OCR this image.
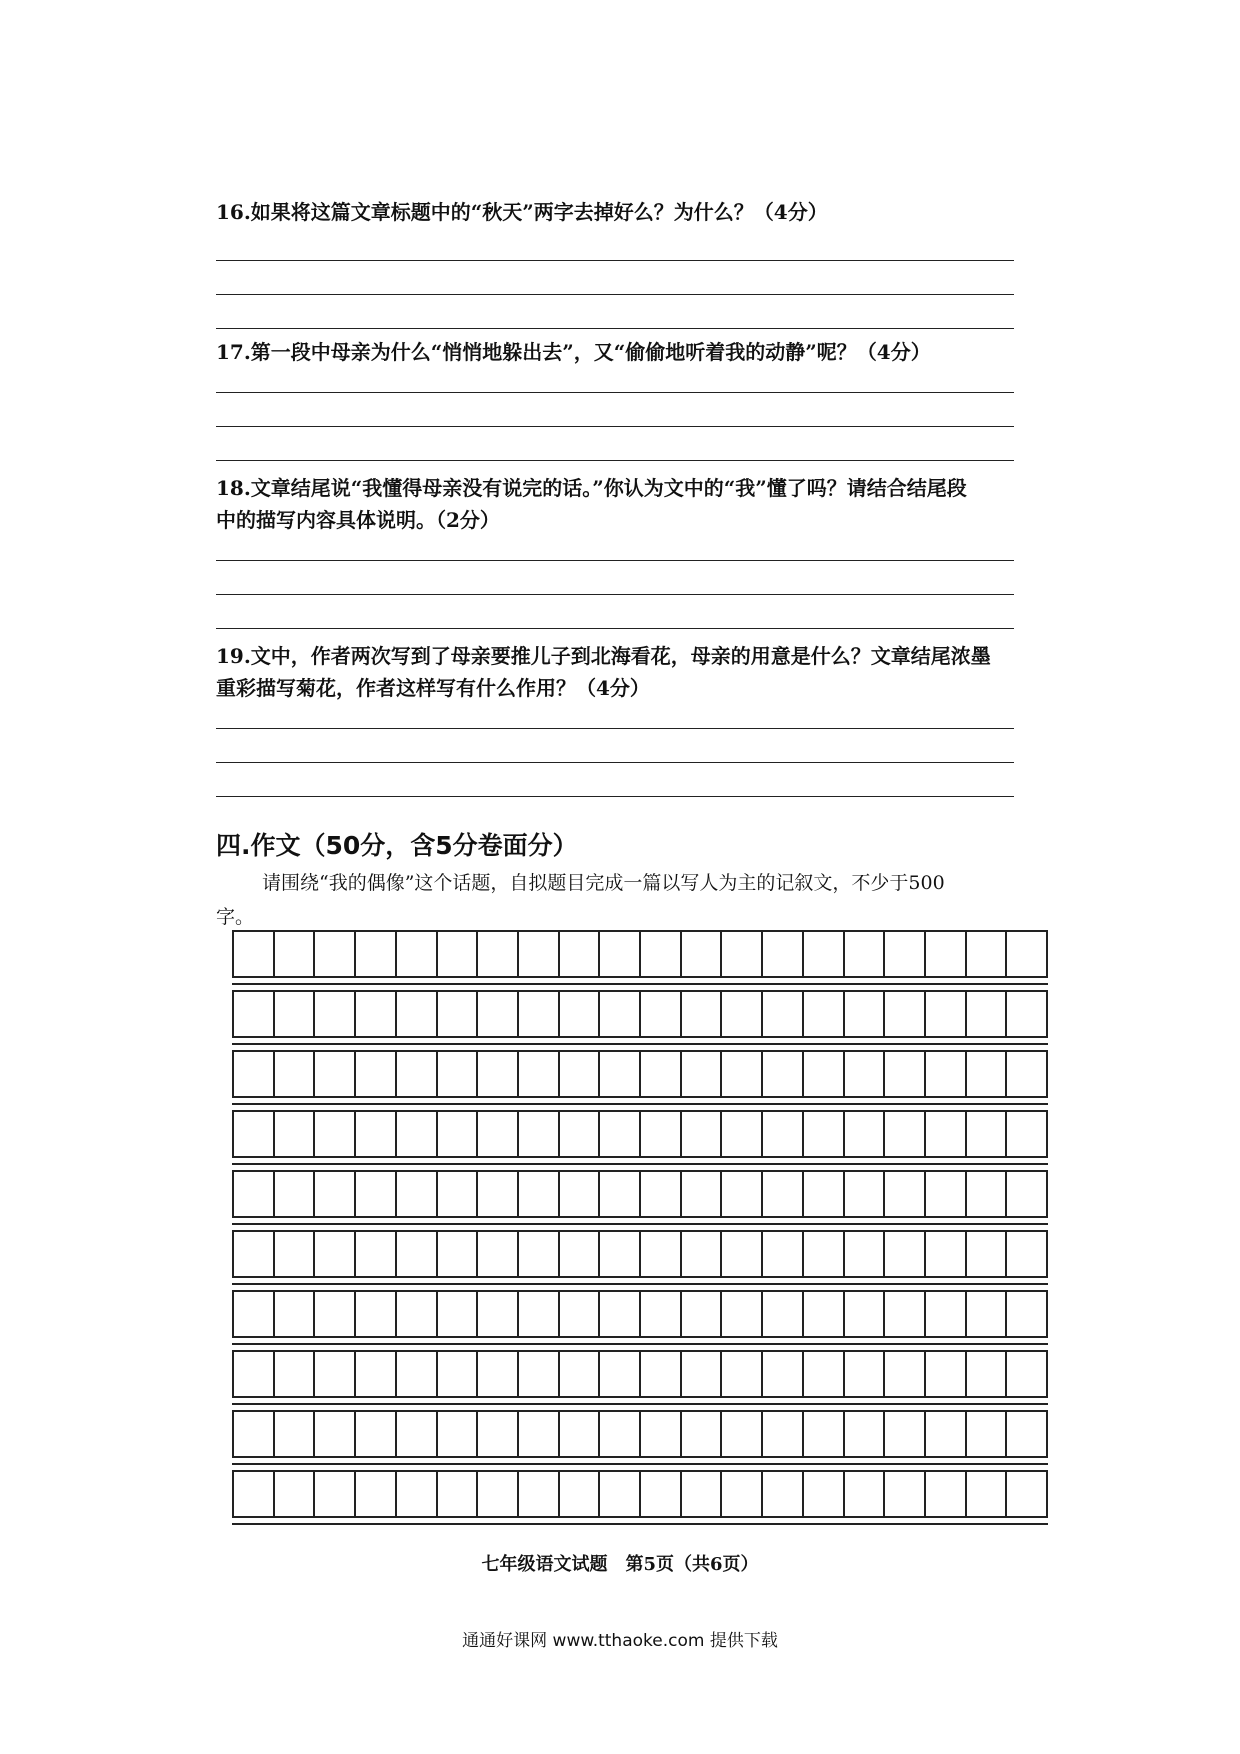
16.如果将这篇文章标题中的“秋天”两字去掉好么？为什么？（4分）

17.第一段中母亲为什么“悄悄地躲出去”，又“偷偷地听着我的动静”呢？（4分）

18.文章结尾说“我懂得母亲没有说完的话。”你认为文中的“我”懂了吗？请结合结尾段

中的描写内容具体说明。（2分）

19.文中，作者两次写到了母亲要推儿子到北海看花，母亲的用意是什么？文章结尾浓墨

重彩描写菊花，作者这样写有什么作用？（4分）

四.作文（50分，含5分卷面分）
请围绕“我的偶像”这个话题，自拟题目完成一篇以写人为主的记叙文，不少于500
字。
七年级语文试题　第5页（共6页）
通通好课网 www.tthaoke.com 提供下载
